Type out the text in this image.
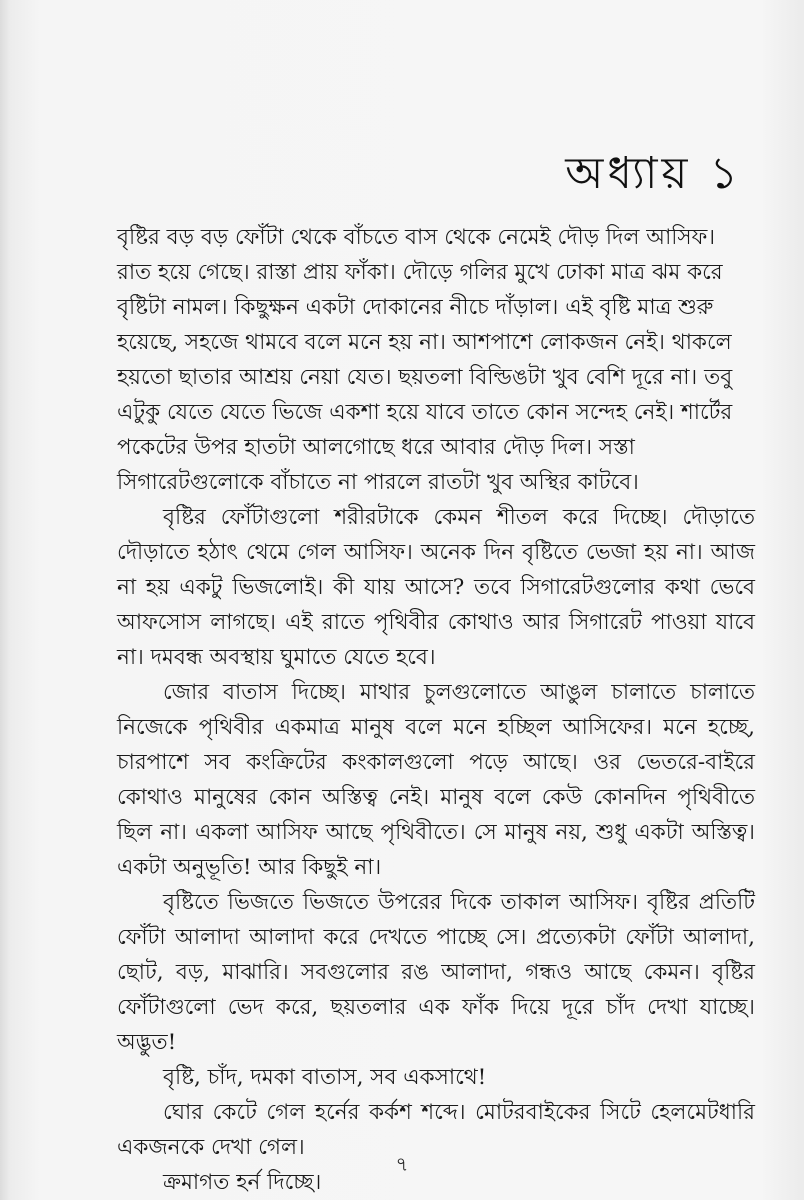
অধ্যায় ১

বৃষ্টির বড় বড় ফোঁটা থেকে বাঁচতে বাস থেকে নেমেই দৌড় দিল আসিফ। রাত হয়ে গেছে। রাস্তা প্রায় ফাঁকা। দৌড়ে গলির মুখে ঢোকা মাত্র ঝম করে বৃষ্টিটা নামল। কিছুক্ষন একটা দোকানের নীচে দাঁড়াল। এই বৃষ্টি মাত্র শুরু হয়েছে, সহজে থামবে বলে মনে হয় না। আশপাশে লোকজন নেই। থাকলে হয়তো ছাতার আশ্রয় নেয়া যেত। ছয়তলা বিল্ডিঙটা খুব বেশি দূরে না। তবু এটুকু যেতে যেতে ভিজে একশা হয়ে যাবে তাতে কোন সন্দেহ নেই। শার্টের পকেটের উপর হাতটা আলগোছে ধরে আবার দৌড় দিল। সস্তা সিগারেটগুলোকে বাঁচাতে না পারলে রাতটা খুব অস্থির কাটবে।

বৃষ্টির ফোঁটাগুলো শরীরটাকে কেমন শীতল করে দিচ্ছে। দৌড়াতে দৌড়াতে হঠাৎ থেমে গেল আসিফ। অনেক দিন বৃষ্টিতে ভেজা হয় না। আজ না হয় একটু ভিজলোই। কী যায় আসে? তবে সিগারেটগুলোর কথা ভেবে আফসোস লাগছে। এই রাতে পৃথিবীর কোথাও আর সিগারেট পাওয়া যাবে না। দমবন্ধ অবস্থায় ঘুমাতে যেতে হবে।

জোর বাতাস দিচ্ছে। মাথার চুলগুলোতে আঙুল চালাতে চালাতে নিজেকে পৃথিবীর একমাত্র মানুষ বলে মনে হচ্ছিল আসিফের। মনে হচ্ছে, চারপাশে সব কংক্রিটের কংকালগুলো পড়ে আছে। ওর ভেতরে-বাইরে কোথাও মানুষের কোন অস্তিত্ব নেই। মানুষ বলে কেউ কোনদিন পৃথিবীতে ছিল না। একলা আসিফ আছে পৃথিবীতে। সে মানুষ নয়, শুধু একটা অস্তিত্ব। একটা অনুভূতি! আর কিছুই না।

বৃষ্টিতে ভিজতে ভিজতে উপরের দিকে তাকাল আসিফ। বৃষ্টির প্রতিটি ফোঁটা আলাদা আলাদা করে দেখতে পাচ্ছে সে। প্রত্যেকটা ফোঁটা আলাদা, ছোট, বড়, মাঝারি। সবগুলোর রঙ আলাদা, গন্ধও আছে কেমন। বৃষ্টির ফোঁটাগুলো ভেদ করে, ছয়তলার এক ফাঁক দিয়ে দূরে চাঁদ দেখা যাচ্ছে। অদ্ভুত!

বৃষ্টি, চাঁদ, দমকা বাতাস, সব একসাথে!

ঘোর কেটে গেল হর্নের কর্কশ শব্দে। মোটরবাইকের সিটে হেলমেটধারি একজনকে দেখা গেল।

ক্রমাগত হর্ন দিচ্ছে।

৭
